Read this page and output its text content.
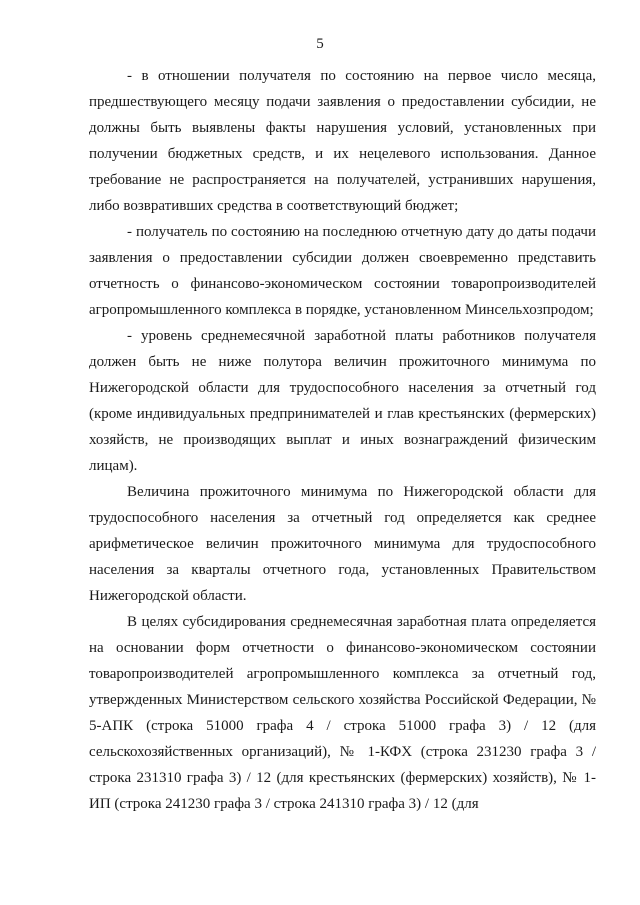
5

- в отношении получателя по состоянию на первое число месяца, предшествующего месяцу подачи заявления о предоставлении субсидии, не должны быть выявлены факты нарушения условий, установленных при получении бюджетных средств, и их нецелевого использования. Данное требование не распространяется на получателей, устранивших нарушения, либо возвративших средства в соответствующий бюджет;

- получатель по состоянию на последнюю отчетную дату до даты подачи заявления о предоставлении субсидии должен своевременно представить отчетность о финансово-экономическом состоянии товаропроизводителей агропромышленного комплекса в порядке, установленном Минсельхозпродом;

- уровень среднемесячной заработной платы работников получателя должен быть не ниже полутора величин прожиточного минимума по Нижегородской области для трудоспособного населения за отчетный год (кроме индивидуальных предпринимателей и глав крестьянских (фермерских) хозяйств, не производящих выплат и иных вознаграждений физическим лицам).

Величина прожиточного минимума по Нижегородской области для трудоспособного населения за отчетный год определяется как среднее арифметическое величин прожиточного минимума для трудоспособного населения за кварталы отчетного года, установленных Правительством Нижегородской области.

В целях субсидирования среднемесячная заработная плата определяется на основании форм отчетности о финансово-экономическом состоянии товаропроизводителей агропромышленного комплекса за отчетный год, утвержденных Министерством сельского хозяйства Российской Федерации, № 5-АПК (строка 51000 графа 4 / строка 51000 графа 3) / 12 (для сельскохозяйственных организаций), № 1-КФХ (строка 231230 графа 3 / строка 231310 графа 3) / 12 (для крестьянских (фермерских) хозяйств), № 1-ИП (строка 241230 графа 3 / строка 241310 графа 3) / 12 (для
